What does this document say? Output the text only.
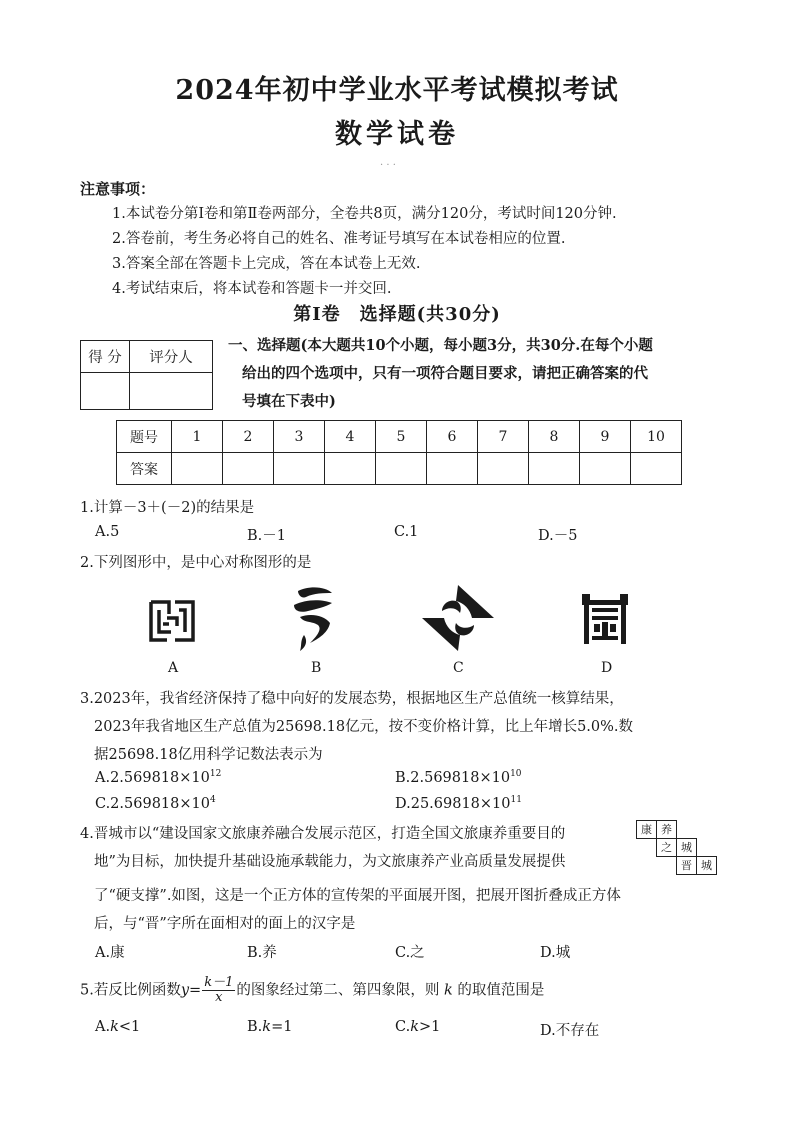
2024年初中学业水平考试模拟考试
数学试卷
· · ·
注意事项：
1.本试卷分第Ⅰ卷和第Ⅱ卷两部分，全卷共8页，满分120分，考试时间120分钟.
2.答卷前，考生务必将自己的姓名、准考证号填写在本试卷相应的位置.
3.答案全部在答题卡上完成，答在本试卷上无效.
4.考试结束后，将本试卷和答题卡一并交回.
第Ⅰ卷　选择题(共30分)
得 分	评分人

一、选择题(本大题共10个小题，每小题3分，共30分.在每个小题
给出的四个选项中，只有一项符合题目要求，请把正确答案的代
号填在下表中)
题号	1	2	3	4	5	6	7	8	9	10
答案										
1.计算－3＋(－2)的结果是
A.5	B.－1	C.1	D.－5
2.下列图形中，是中心对称图形的是
A	B	C	D
3.2023年，我省经济保持了稳中向好的发展态势，根据地区生产总值统一核算结果，
2023年我省地区生产总值为25698.18亿元，按不变价格计算，比上年增长5.0%.数
据25698.18亿用科学记数法表示为
$A.2.569818\times 10^{12}$	$B.2.569818\times 10^{10}$
$C.2.569818\times 10^4$	$D.25.69818\times 10^{11}$
4.晋城市以“建设国家文旅康养融合发展示范区，打造全国文旅康养重要目的
地”为目标，加快提升基础设施承载能力，为文旅康养产业高质量发展提供
了“硬支撑”.如图，这是一个正方体的宣传架的平面展开图，把展开图折叠成正方体
后，与“晋”字所在面相对的面上的汉字是
康 养
之 城
晋 城
A.康	B.养	C.之	D.城
5.若反比例函数$y= \frac{k-1}{x}$ 的图象经过第二、第四象限，则 k 的取值范围是
A.k<1	B.k=1	C.k>1	D.不存在
